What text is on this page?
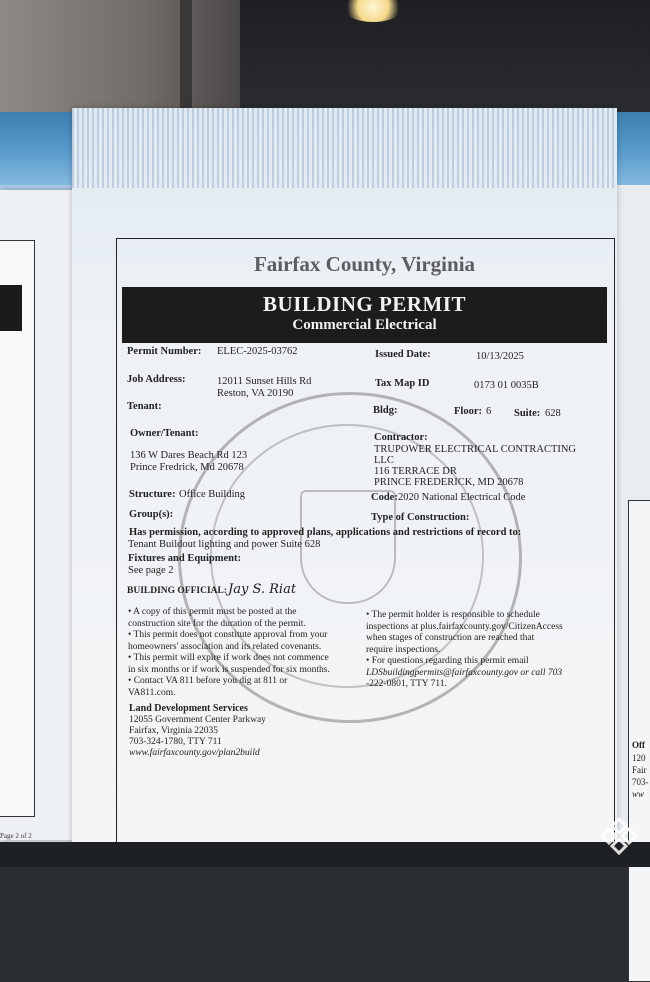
Page 2 of 2
Off
120
Fair
703-
ww
Fairfax County, Virginia
BUILDING PERMIT
Commercial Electrical
Permit Number: ELEC-2025-03762	Issued Date:	10/13/2025
Job Address:	12011 Sunset Hills Rd
Reston, VA 20190
Tax Map ID	0173 01 0035B
Tenant:	Bldg:	Floor: 6 Suite: 628
Owner/Tenant:
136 W Dares Beach Rd 123
Prince Fredrick, Md 20678
Contractor:
TRUPOWER ELECTRICAL CONTRACTING
LLC
116 TERRACE DR
PRINCE FREDERICK, MD 20678
Structure: Office Building	Code: 2020 National Electrical Code
Group(s):	Type of Construction:
Has permission, according to approved plans, applications and restrictions of record to:
Tenant Buildout lighting and power Suite 628
Fixtures and Equipment:
See page 2
BUILDING OFFICIAL: Jay S. Riat
• A copy of this permit must be posted at the
construction site for the duration of the permit.
• This permit does not constitute approval from your
homeowners' association and its related covenants.
• This permit will expire if work does not commence
in six months or if work is suspended for six months.
• Contact VA 811 before you dig at 811 or
VA811.com.
• The permit holder is responsible to schedule
inspections at plus.fairfaxcounty.gov/CitizenAccess
when stages of construction are reached that
require inspections.
• For questions regarding this permit email
LDSbuildingpermits@fairfaxcounty.gov or call 703
-222-0801, TTY 711.
Land Development Services
12055 Government Center Parkway
Fairfax, Virginia 22035
703-324-1780, TTY 711
www.fairfaxcounty.gov/plan2build
